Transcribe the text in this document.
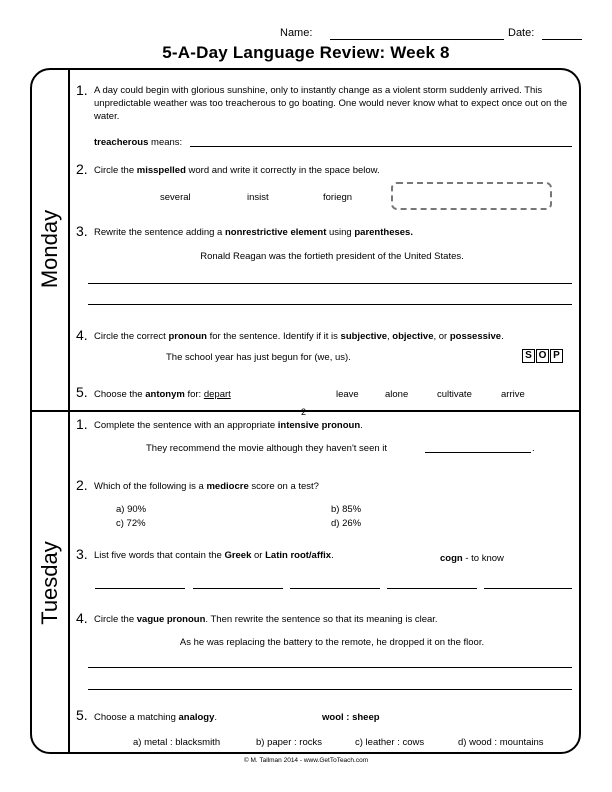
Name:	Date:
5-A-Day Language Review: Week 8
Monday
Tuesday
1. A day could begin with glorious sunshine, only to instantly change as a violent storm suddenly arrived. This unpredictable weather was too treacherous to go boating. One would never know what to expect once out on the water.
treacherous means:
2. Circle the misspelled word and write it correctly in the space below.
several	insist	foriegn
3. Rewrite the sentence adding a nonrestrictive element using parentheses.
Ronald Reagan was the fortieth president of the United States.
4. Circle the correct pronoun for the sentence. Identify if it is subjective, objective, or possessive.
The school year has just begun for (we, us).	S O P
5. Choose the antonym for: depart	leave	alone	cultivate	arrive
2
1. Complete the sentence with an appropriate intensive pronoun.
They recommend the movie although they haven't seen it	.
2. Which of the following is a mediocre score on a test?
a) 90%	b) 85%
c) 72%	d) 26%
3. List five words that contain the Greek or Latin root/affix.	cogn - to know
4. Circle the vague pronoun. Then rewrite the sentence so that its meaning is clear.
As he was replacing the battery to the remote, he dropped it on the floor.
5. Choose a matching analogy.	wool : sheep
a) metal : blacksmith	b) paper : rocks	c) leather : cows	d) wood : mountains
© M. Tallman 2014 - www.GetToTeach.com
